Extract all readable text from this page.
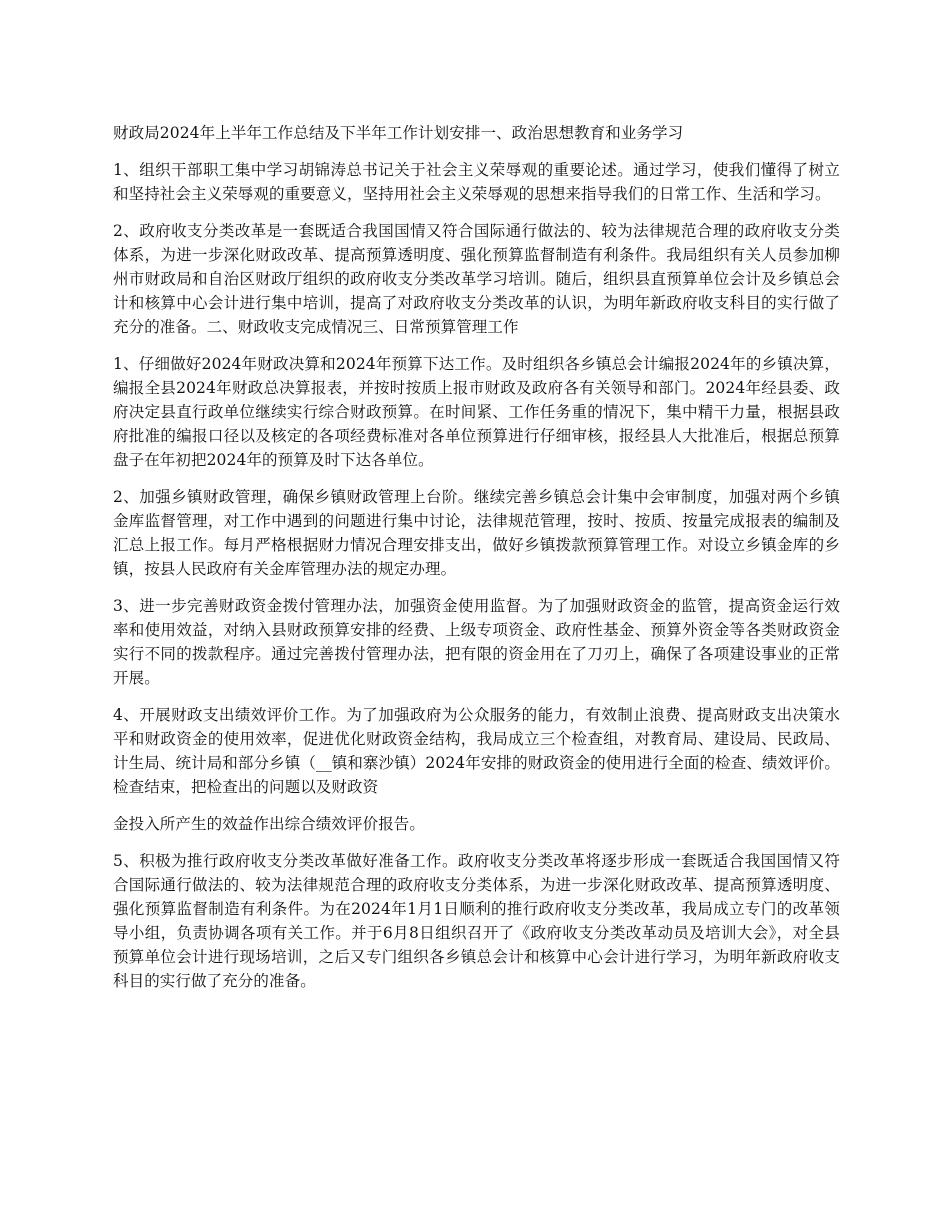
财政局2024年上半年工作总结及下半年工作计划安排一、政治思想教育和业务学习

1、组织干部职工集中学习胡锦涛总书记关于社会主义荣辱观的重要论述。通过学习，使我们懂得了树立和坚持社会主义荣辱观的重要意义，坚持用社会主义荣辱观的思想来指导我们的日常工作、生活和学习。

2、政府收支分类改革是一套既适合我国国情又符合国际通行做法的、较为法律规范合理的政府收支分类体系，为进一步深化财政改革、提高预算透明度、强化预算监督制造有利条件。我局组织有关人员参加柳州市财政局和自治区财政厅组织的政府收支分类改革学习培训。随后，组织县直预算单位会计及乡镇总会计和核算中心会计进行集中培训，提高了对政府收支分类改革的认识，为明年新政府收支科目的实行做了充分的准备。二、财政收支完成情况三、日常预算管理工作

1、仔细做好2024年财政决算和2024年预算下达工作。及时组织各乡镇总会计编报2024年的乡镇决算，编报全县2024年财政总决算报表，并按时按质上报市财政及政府各有关领导和部门。2024年经县委、政府决定县直行政单位继续实行综合财政预算。在时间紧、工作任务重的情况下，集中精干力量，根据县政府批准的编报口径以及核定的各项经费标准对各单位预算进行仔细审核，报经县人大批准后，根据总预算盘子在年初把2024年的预算及时下达各单位。

2、加强乡镇财政管理，确保乡镇财政管理上台阶。继续完善乡镇总会计集中会审制度，加强对两个乡镇金库监督管理，对工作中遇到的问题进行集中讨论，法律规范管理，按时、按质、按量完成报表的编制及汇总上报工作。每月严格根据财力情况合理安排支出，做好乡镇拨款预算管理工作。对设立乡镇金库的乡镇，按县人民政府有关金库管理办法的规定办理。

3、进一步完善财政资金拨付管理办法，加强资金使用监督。为了加强财政资金的监管，提高资金运行效率和使用效益，对纳入县财政预算安排的经费、上级专项资金、政府性基金、预算外资金等各类财政资金实行不同的拨款程序。通过完善拨付管理办法，把有限的资金用在了刀刃上，确保了各项建设事业的正常开展。

4、开展财政支出绩效评价工作。为了加强政府为公众服务的能力，有效制止浪费、提高财政支出决策水平和财政资金的使用效率，促进优化财政资金结构，我局成立三个检查组，对教育局、建设局、民政局、计生局、统计局和部分乡镇（__镇和寨沙镇）2024年安排的财政资金的使用进行全面的检查、绩效评价。检查结束，把检查出的问题以及财政资

金投入所产生的效益作出综合绩效评价报告。

5、积极为推行政府收支分类改革做好准备工作。政府收支分类改革将逐步形成一套既适合我国国情又符合国际通行做法的、较为法律规范合理的政府收支分类体系，为进一步深化财政改革、提高预算透明度、强化预算监督制造有利条件。为在2024年1月1日顺利的推行政府收支分类改革，我局成立专门的改革领导小组，负责协调各项有关工作。并于6月8日组织召开了《政府收支分类改革动员及培训大会》，对全县预算单位会计进行现场培训，之后又专门组织各乡镇总会计和核算中心会计进行学习，为明年新政府收支科目的实行做了充分的准备。
